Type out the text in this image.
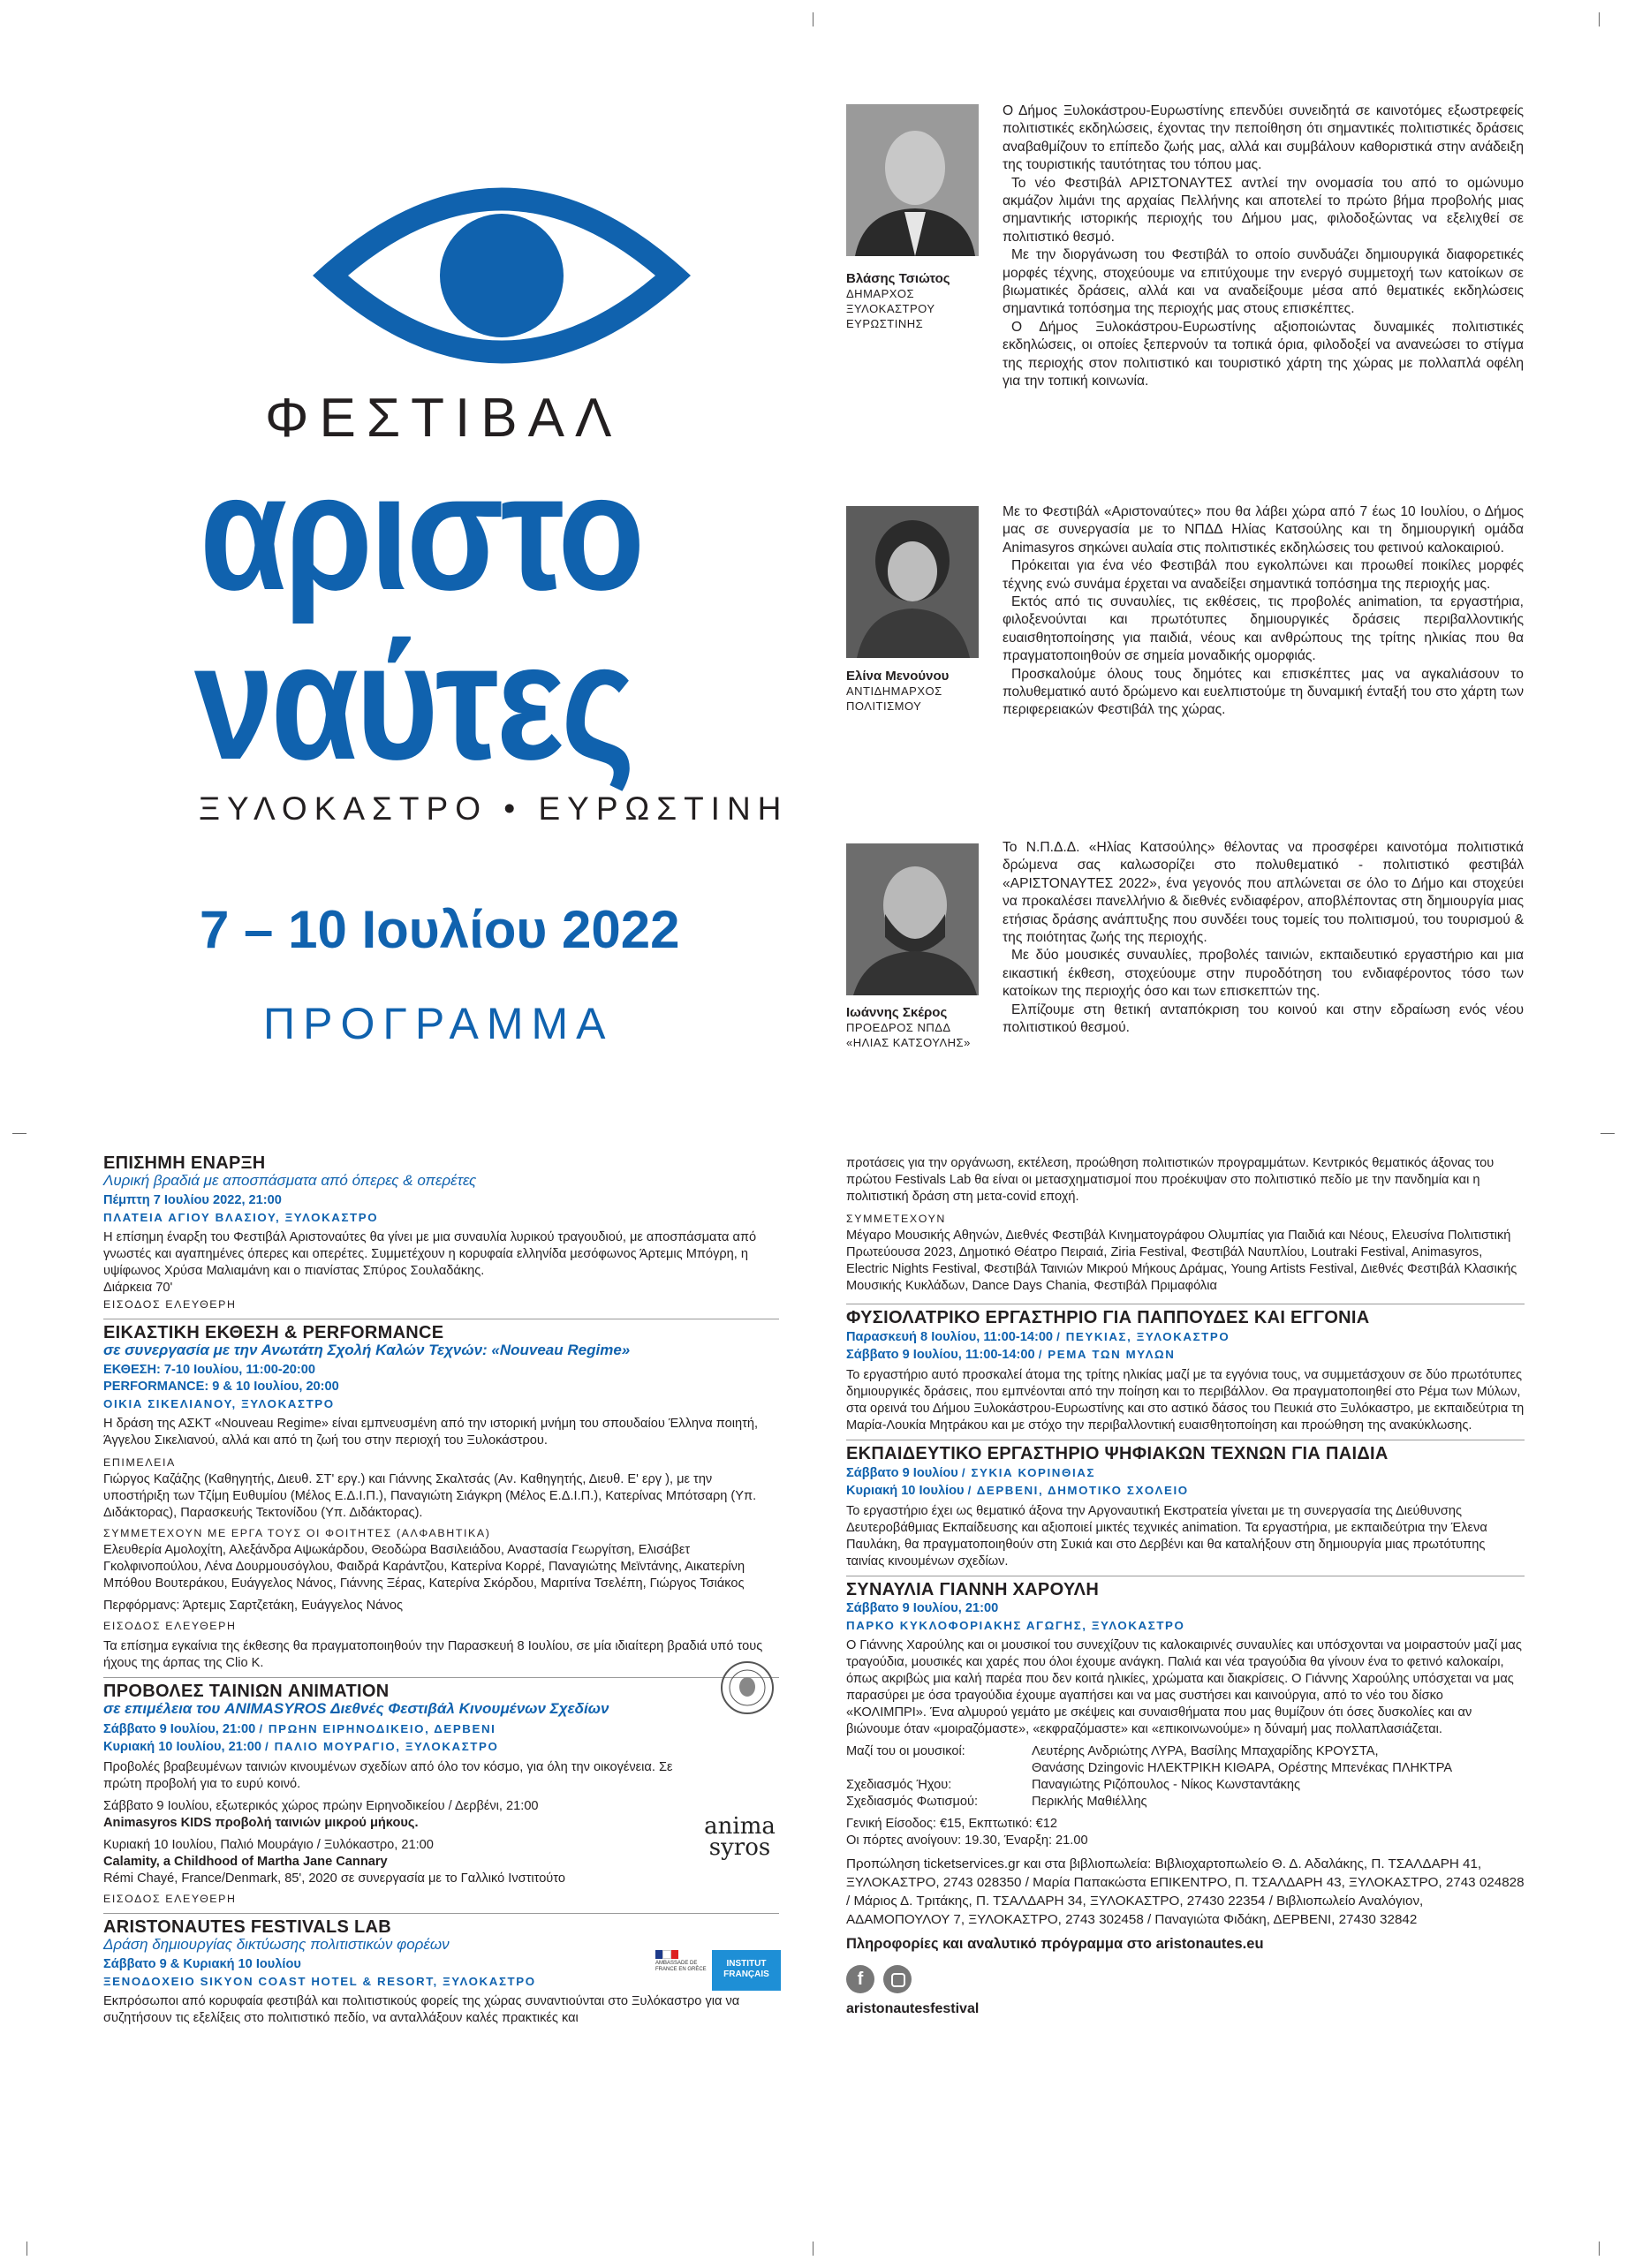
ΦΕΣΤΙΒΑΛ
αριστο
ναύτες
ΞΥΛΟΚΑΣΤΡΟ • ΕΥΡΩΣΤΙΝΗ
7 – 10 Ιουλίου 2022
ΠΡΟΓΡΑΜΜΑ
Βλάσης Τσιώτος
ΔΗΜΑΡΧΟΣ
ΞΥΛΟΚΑΣΤΡΟΥ
ΕΥΡΩΣΤΙΝΗΣ

Ο Δήμος Ξυλοκάστρου-Ευρωστίνης επενδύει συνειδητά σε καινοτόμες εξωστρεφείς πολιτιστικές εκδηλώσεις, έχοντας την πεποίθηση ότι σημαντικές πολιτιστικές δράσεις αναβαθμίζουν το επίπεδο ζωής μας, αλλά και συμβάλουν καθοριστικά στην ανάδειξη της τουριστικής ταυτότητας του τόπου μας.

Το νέο Φεστιβάλ ΑΡΙΣΤΟΝΑΥΤΕΣ αντλεί την ονομασία του από το ομώνυμο ακμάζον λιμάνι της αρχαίας Πελλήνης και αποτελεί το πρώτο βήμα προβολής μιας σημαντικής ιστορικής περιοχής του Δήμου μας, φιλοδοξώντας να εξελιχθεί σε πολιτιστικό θεσμό.

Με την διοργάνωση του Φεστιβάλ το οποίο συνδυάζει δημιουργικά διαφορετικές μορφές τέχνης, στοχεύουμε να επιτύχουμε την ενεργό συμμετοχή των κατοίκων σε βιωματικές δράσεις, αλλά και να αναδείξουμε μέσα από θεματικές εκδηλώσεις σημαντικά τοπόσημα της περιοχής μας στους επισκέπτες.

Ο Δήμος Ξυλοκάστρου-Ευρωστίνης αξιοποιώντας δυναμικές πολιτιστικές εκδηλώσεις, οι οποίες ξεπερνούν τα τοπικά όρια, φιλοδοξεί να ανανεώσει το στίγμα της περιοχής στον πολιτιστικό και τουριστικό χάρτη της χώρας με πολλαπλά οφέλη για την τοπική κοινωνία.

Ελίνα Μενούνου
ΑΝΤΙΔΗΜΑΡΧΟΣ
ΠΟΛΙΤΙΣΜΟΥ

Με το Φεστιβάλ «Αριστοναύτες» που θα λάβει χώρα από 7 έως 10 Ιουλίου, ο Δήμος μας σε συνεργασία με το ΝΠΔΔ Ηλίας Κατσούλης και τη δημιουργική ομάδα Animasyros σηκώνει αυλαία στις πολιτιστικές εκδηλώσεις του φετινού καλοκαιριού.

Πρόκειται για ένα νέο Φεστιβάλ που εγκολπώνει και προωθεί ποικίλες μορφές τέχνης ενώ συνάμα έρχεται να αναδείξει σημαντικά τοπόσημα της περιοχής μας.

Εκτός από τις συναυλίες, τις εκθέσεις, τις προβολές animation, τα εργαστήρια, φιλοξενούνται και πρωτότυπες δημιουργικές δράσεις περιβαλλοντικής ευαισθητοποίησης για παιδιά, νέους και ανθρώπους της τρίτης ηλικίας που θα πραγματοποιηθούν σε σημεία μοναδικής ομορφιάς.

Προσκαλούμε όλους τους δημότες και επισκέπτες μας να αγκαλιάσουν το πολυθεματικό αυτό δρώμενο και ευελπιστούμε τη δυναμική ένταξή του στο χάρτη των περιφερειακών Φεστιβάλ της χώρας.

Ιωάννης Σκέρος
ΠΡΟΕΔΡΟΣ ΝΠΔΔ
«ΗΛΙΑΣ ΚΑΤΣΟΥΛΗΣ»

Το Ν.Π.Δ.Δ. «Ηλίας Κατσούλης» θέλοντας να προσφέρει καινοτόμα πολιτιστικά δρώμενα σας καλωσορίζει στο πολυθεματικό - πολιτιστικό φεστιβάλ «ΑΡΙΣΤΟΝΑΥΤΕΣ 2022», ένα γεγονός που απλώνεται σε όλο το Δήμο και στοχεύει να προκαλέσει πανελλήνιο & διεθνές ενδιαφέρον, αποβλέποντας στη δημιουργία μιας ετήσιας δράσης ανάπτυξης που συνδέει τους τομείς του πολιτισμού, του τουρισμού & της ποιότητας ζωής της περιοχής.

Με δύο μουσικές συναυλίες, προβολές ταινιών, εκπαιδευτικό εργαστήριο και μια εικαστική έκθεση, στοχεύουμε στην πυροδότηση του ενδιαφέροντος τόσο των κατοίκων της περιοχής όσο και των επισκεπτών της.

Ελπίζουμε στη θετική ανταπόκριση του κοινού και στην εδραίωση ενός νέου πολιτιστικού θεσμού.

ΕΠΙΣΗΜΗ ΕΝΑΡΞΗ
Λυρική βραδιά με αποσπάσματα από όπερες & οπερέτες
Πέμπτη 7 Ιουλίου 2022, 21:00
ΠΛΑΤΕΙΑ ΑΓΙΟΥ ΒΛΑΣΙΟΥ, ΞΥΛΟΚΑΣΤΡΟ

Η επίσημη έναρξη του Φεστιβάλ Αριστοναύτες θα γίνει με μια συναυλία λυρικού τραγουδιού, με αποσπάσματα από γνωστές και αγαπημένες όπερες και οπερέτες. Συμμετέχουν η κορυφαία ελληνίδα μεσόφωνος Άρτεμις Μπόγρη, η υψίφωνος Χρύσα Μαλιαμάνη και ο πιανίστας Σπύρος Σουλαδάκης.

Διάρκεια 70'

ΕΙΣΟΔΟΣ ΕΛΕΥΘΕΡΗ
ΕΙΚΑΣΤΙΚΗ ΕΚΘΕΣΗ & PERFORMANCE
σε συνεργασία με την Ανωτάτη Σχολή Καλών Τεχνών: «Nouveau Regime»
ΕΚΘΕΣΗ: 7-10 Ιουλίου, 11:00-20:00
PERFORMANCE: 9 & 10 Ιουλίου, 20:00
ΟΙΚΙΑ ΣΙΚΕΛΙΑΝΟΥ, ΞΥΛΟΚΑΣΤΡΟ

Η δράση της ΑΣΚΤ «Nouveau Regime» είναι εμπνευσμένη από την ιστορική μνήμη του σπουδαίου Έλληνα ποιητή, Άγγελου Σικελιανού, αλλά και από τη ζωή του στην περιοχή του Ξυλοκάστρου.

ΕΠΙΜΕΛΕΙΑ

Γιώργος Καζάζης (Καθηγητής, Διευθ. ΣΤ' εργ.) και Γιάννης Σκαλτσάς (Αν. Καθηγητής, Διευθ. Ε' εργ ), με την υποστήριξη των Τζίμη Ευθυμίου (Μέλος Ε.Δ.Ι.Π.), Παναγιώτη Σιάγκρη (Μέλος Ε.Δ.Ι.Π.), Κατερίνας Μπότσαρη (Υπ. Διδάκτορας), Παρασκευής Τεκτονίδου (Υπ. Διδάκτορας).

ΣΥΜΜΕΤΕΧΟΥΝ ΜΕ ΕΡΓΑ ΤΟΥΣ ΟΙ ΦΟΙΤΗΤΕΣ (ΑΛΦΑΒΗΤΙΚΑ)

Ελευθερία Αμολοχίτη, Αλεξάνδρα Αψωκάρδου, Θεοδώρα Βασιλειάδου, Αναστασία Γεωργίτση, Ελισάβετ Γκολφινοπούλου, Λένα Δουρμουσόγλου, Φαιδρά Καράντζου, Κατερίνα Κορρέ, Παναγιώτης Μεϊντάνης, Αικατερίνη Μπόθου Βουτεράκου, Ευάγγελος Νάνος, Γιάννης Ξέρας, Κατερίνα Σκόρδου, Μαριτίνα Τσελέπη, Γιώργος Τσιάκος

Περφόρμανς: Άρτεμις Σαρτζετάκη, Ευάγγελος Νάνος

ΕΙΣΟΔΟΣ ΕΛΕΥΘΕΡΗ

Τα επίσημα εγκαίνια της έκθεσης θα πραγματοποιηθούν την Παρασκευή 8 Ιουλίου, σε μία ιδιαίτερη βραδιά υπό τους ήχους της άρπας της Clio K.

ΠΡΟΒΟΛΕΣ ΤΑΙΝΙΩΝ ANIMATION
σε επιμέλεια του ANIMASYROS Διεθνές Φεστιβάλ Κινουμένων Σχεδίων
Σάββατο 9 Ιουλίου, 21:00 / ΠΡΩΗΝ ΕΙΡΗΝΟΔΙΚΕΙΟ, ΔΕΡΒΕΝΙ
Κυριακή 10 Ιουλίου, 21:00 / ΠΑΛΙΟ ΜΟΥΡΑΓΙΟ, ΞΥΛΟΚΑΣΤΡΟ

Προβολές βραβευμένων ταινιών κινουμένων σχεδίων από όλο τον κόσμο, για όλη την οικογένεια. Σε πρώτη προβολή για το ευρύ κοινό.

Σάββατο 9 Ιουλίου, εξωτερικός χώρος πρώην Ειρηνοδικείου / Δερβένι, 21:00

Animasyros KIDS προβολή ταινιών μικρού μήκους.

Κυριακή 10 Ιουλίου, Παλιό Μουράγιο / Ξυλόκαστρο, 21:00

Calamity, a Childhood of Martha Jane Cannary

Rémi Chayé, France/Denmark, 85', 2020 σε συνεργασία με το Γαλλικό Ινστιτούτο

ΕΙΣΟΔΟΣ ΕΛΕΥΘΕΡΗ
ARISTONAUTES FESTIVALS LAB
Δράση δημιουργίας δικτύωσης πολιτιστικών φορέων
Σάββατο 9 & Κυριακή 10 Ιουλίου
ΞΕΝΟΔΟΧΕΙΟ SIKYON COAST HOTEL & RESORT, ΞΥΛΟΚΑΣΤΡΟ

Εκπρόσωποι από κορυφαία φεστιβάλ και πολιτιστικούς φορείς της χώρας συναντιούνται στο Ξυλόκαστρο για να συζητήσουν τις εξελίξεις στο πολιτιστικό πεδίο, να ανταλλάξουν καλές πρακτικές και

anima syros
AMBASSADE DE FRANCE EN GRÈCE
INSTITUT FRANÇAIS

προτάσεις για την οργάνωση, εκτέλεση, προώθηση πολιτιστικών προγραμμάτων. Κεντρικός θεματικός άξονας του πρώτου Festivals Lab θα είναι οι μετασχηματισμοί που προέκυψαν στο πολιτιστικό πεδίο με την πανδημία και η πολιτιστική δράση στη μετα-covid εποχή.

ΣΥΜΜΕΤΕΧΟΥΝ

Μέγαρο Μουσικής Αθηνών, Διεθνές Φεστιβάλ Κινηματογράφου Ολυμπίας για Παιδιά και Νέους, Ελευσίνα Πολιτιστική Πρωτεύουσα 2023, Δημοτικό Θέατρο Πειραιά, Ziria Festival, Φεστιβάλ Ναυπλίου, Loutraki Festival, Animasyros, Electric Nights Festival, Φεστιβάλ Ταινιών Μικρού Μήκους Δράμας, Young Artists Festival, Διεθνές Φεστιβάλ Κλασικής Μουσικής Κυκλάδων, Dance Days Chania, Φεστιβάλ Πριμαφόλια

ΦΥΣΙΟΛΑΤΡΙΚΟ ΕΡΓΑΣΤΗΡΙΟ ΓΙΑ ΠΑΠΠΟΥΔΕΣ ΚΑΙ ΕΓΓΟΝΙΑ
Παρασκευή 8 Ιουλίου, 11:00-14:00 / ΠΕΥΚΙΑΣ, ΞΥΛΟΚΑΣΤΡΟ
Σάββατο 9 Ιουλίου, 11:00-14:00 / ΡΕΜΑ ΤΩΝ ΜΥΛΩΝ

Το εργαστήριο αυτό προσκαλεί άτομα της τρίτης ηλικίας μαζί με τα εγγόνια τους, να συμμετάσχουν σε δύο πρωτότυπες δημιουργικές δράσεις, που εμπνέονται από την ποίηση και το περιβάλλον. Θα πραγματοποιηθεί στο Ρέμα των Μύλων, στα ορεινά του Δήμου Ξυλοκάστρου-Ευρωστίνης και στο αστικό δάσος του Πευκιά στο Ξυλόκαστρο, με εκπαιδεύτρια τη Μαρία-Λουκία Μητράκου και με στόχο την περιβαλλοντική ευαισθητοποίηση και προώθηση της ανακύκλωσης.

ΕΚΠΑΙΔΕΥΤΙΚΟ ΕΡΓΑΣΤΗΡΙΟ ΨΗΦΙΑΚΩΝ ΤΕΧΝΩΝ ΓΙΑ ΠΑΙΔΙΑ
Σάββατο 9 Ιουλίου / ΣΥΚΙΑ ΚΟΡΙΝΘΙΑΣ
Κυριακή 10 Ιουλίου / ΔΕΡΒΕΝΙ, ΔΗΜΟΤΙΚΟ ΣΧΟΛΕΙΟ

Το εργαστήριο έχει ως θεματικό άξονα την Αργοναυτική Εκστρατεία γίνεται με τη συνεργασία της Διεύθυνσης Δευτεροβάθμιας Εκπαίδευσης και αξιοποιεί μικτές τεχνικές animation. Τα εργαστήρια, με εκπαιδεύτρια την Έλενα Παυλάκη, θα πραγματοποιηθούν στη Συκιά και στο Δερβένι και θα καταλήξουν στη δημιουργία μιας πρωτότυπης ταινίας κινουμένων σχεδίων.

ΣΥΝΑΥΛΙΑ ΓΙΑΝΝΗ ΧΑΡΟΥΛΗ
Σάββατο 9 Ιουλίου, 21:00
ΠΑΡΚΟ ΚΥΚΛΟΦΟΡΙΑΚΗΣ ΑΓΩΓΗΣ, ΞΥΛΟΚΑΣΤΡΟ

Ο Γιάννης Χαρούλης και οι μουσικοί του συνεχίζουν τις καλοκαιρινές συναυλίες και υπόσχονται να μοιραστούν μαζί μας τραγούδια, μουσικές και χαρές που όλοι έχουμε ανάγκη. Παλιά και νέα τραγούδια θα γίνουν ένα το φετινό καλοκαίρι, όπως ακριβώς μια καλή παρέα που δεν κοιτά ηλικίες, χρώματα και διακρίσεις. Ο Γιάννης Χαρούλης υπόσχεται να μας παρασύρει με όσα τραγούδια έχουμε αγαπήσει και να μας συστήσει και καινούργια, από το νέο του δίσκο «ΚΟΛΙΜΠΡΙ». Ένα αλμυρού γεμάτο με σκέψεις και συναισθήματα που μας θυμίζουν ότι όσες δυσκολίες και αν βιώνουμε όταν «μοιραζόμαστε», «εκφραζόμαστε» και «επικοινωνούμε» η δύναμή μας πολλαπλασιάζεται.

Μαζί του οι μουσικοί:	Λευτέρης Ανδριώτης ΛΥΡΑ, Βασίλης Μπαχαρίδης ΚΡΟΥΣΤΑ,
Θανάσης Dzingovic ΗΛΕΚΤΡΙΚΗ ΚΙΘΑΡΑ, Ορέστης Μπενέκας ΠΛΗΚΤΡΑ
Σχεδιασμός Ήχου:	Παναγιώτης Ριζόπουλος - Νίκος Κωνσταντάκης
Σχεδιασμός Φωτισμού:	Περικλής Μαθιέλλης

Γενική Είσοδος: €15, Εκπτωτικό: €12

Οι πόρτες ανοίγουν: 19.30, Έναρξη: 21.00

Προπώληση ticketservices.gr και στα βιβλιοπωλεία: Βιβλιοχαρτοπωλείο Θ. Δ. Αδαλάκης, Π. ΤΣΑΛΔΑΡΗ 41, ΞΥΛΟΚΑΣΤΡΟ, 2743 028350 / Μαρία Παπακώστα ΕΠΙΚΕΝΤΡΟ, Π. ΤΣΑΛΔΑΡΗ 43, ΞΥΛΟΚΑΣΤΡΟ, 2743 024828 / Μάριος Δ. Τριτάκης, Π. ΤΣΑΛΔΑΡΗ 34, ΞΥΛΟΚΑΣΤΡΟ, 27430 22354 / Βιβλιοπωλείο Αναλόγιον, ΑΔΑΜΟΠΟΥΛΟΥ 7, ΞΥΛΟΚΑΣΤΡΟ, 2743 302458 / Παναγιώτα Φιδάκη, ΔΕΡΒΕΝΙ, 27430 32842

Πληροφορίες και αναλυτικό πρόγραμμα στο aristonautes.eu

f

aristonautesfestival
